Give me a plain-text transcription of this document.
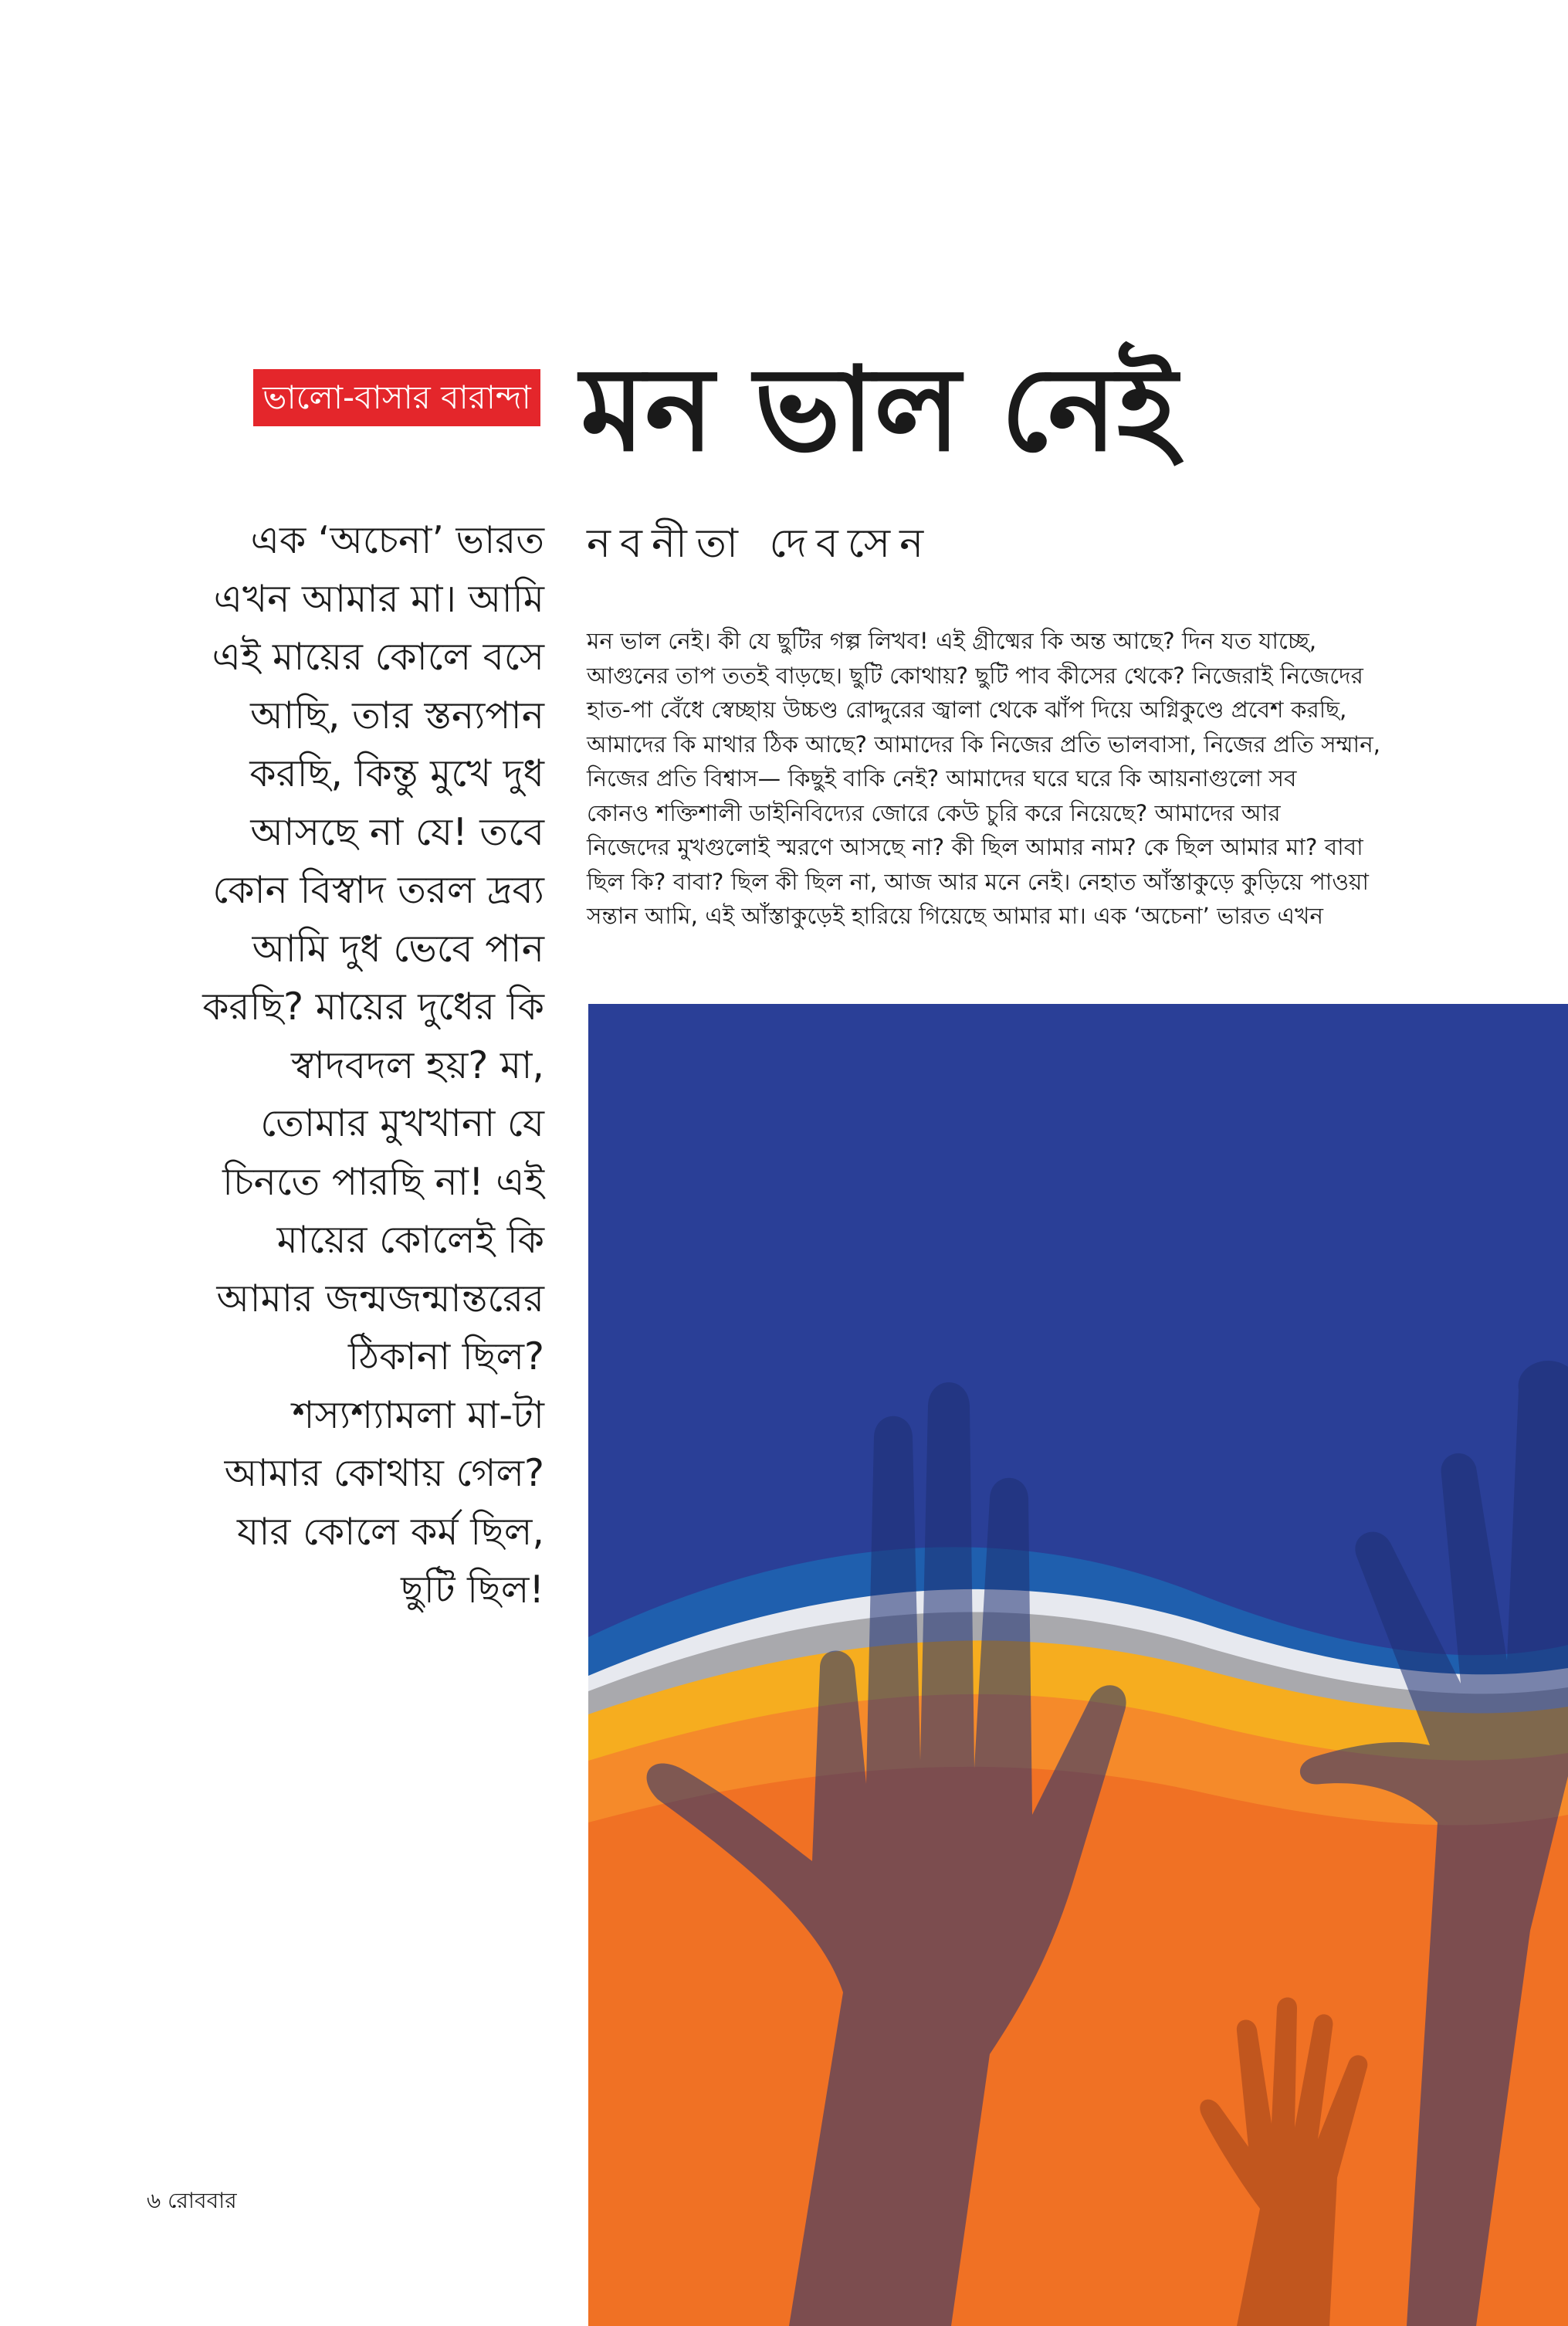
ভালো-বাসার বারান্দা মন ভাল নেই
নবনীতা দেবসেন
এক ‘অচেনা’ ভারত
এখন আমার মা। আমি
এই মায়ের কোলে বসে
আছি, তার স্তন্যপান
করছি, কিন্তু মুখে দুধ
আসছে না যে! তবে
কোন বিস্বাদ তরল দ্রব্য
আমি দুধ ভেবে পান
করছি? মায়ের দুধের কি
স্বাদবদল হয়? মা,
তোমার মুখখানা যে
চিনতে পারছি না! এই
মায়ের কোলেই কি
আমার জন্মজন্মান্তরের
ঠিকানা ছিল?
শস্যশ্যামলা মা-টা
আমার কোথায় গেল?
যার কোলে কর্ম ছিল,
ছুটি ছিল!
মন ভাল নেই। কী যে ছুটির গল্প লিখব! এই গ্রীষ্মের কি অন্ত আছে? দিন যত যাচ্ছে,
আগুনের তাপ ততই বাড়ছে। ছুটি কোথায়? ছুটি পাব কীসের থেকে? নিজেরাই নিজেদের
হাত-পা বেঁধে স্বেচ্ছায় উচ্চণ্ড রোদ্দুরের জ্বালা থেকে ঝাঁপ দিয়ে অগ্নিকুণ্ডে প্রবেশ করছি,
আমাদের কি মাথার ঠিক আছে? আমাদের কি নিজের প্রতি ভালবাসা, নিজের প্রতি সম্মান,
নিজের প্রতি বিশ্বাস— কিছুই বাকি নেই? আমাদের ঘরে ঘরে কি আয়নাগুলো সব
কোনও শক্তিশালী ডাইনিবিদ্যের জোরে কেউ চুরি করে নিয়েছে? আমাদের আর
নিজেদের মুখগুলোই স্মরণে আসছে না? কী ছিল আমার নাম? কে ছিল আমার মা? বাবা
ছিল কি? বাবা? ছিল কী ছিল না, আজ আর মনে নেই। নেহাত আঁস্তাকুড়ে কুড়িয়ে পাওয়া
সন্তান আমি, এই আঁস্তাকুড়েই হারিয়ে গিয়েছে আমার মা। এক ‘অচেনা’ ভারত এখন
৬ রোববার
